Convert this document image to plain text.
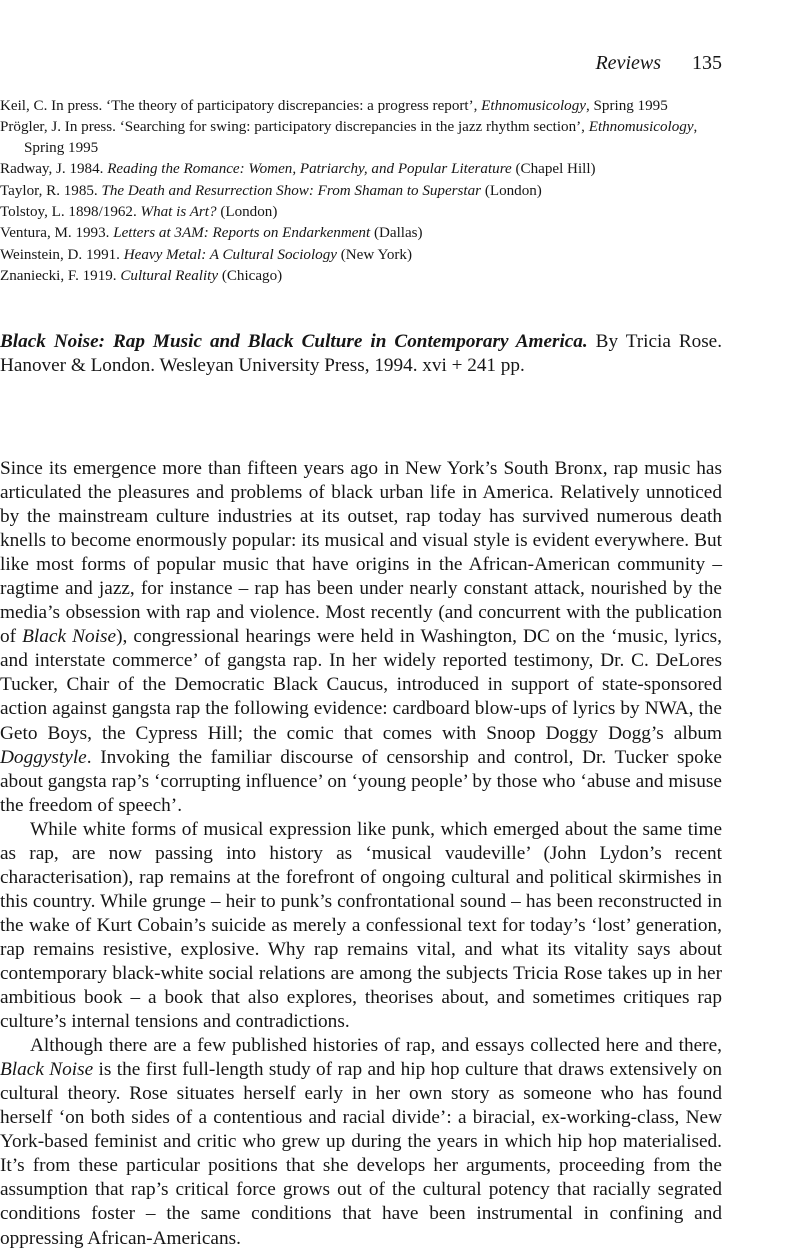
Reviews 135
Keil, C. In press. ‘The theory of participatory discrepancies: a progress report’, Ethnomusicology, Spring 1995
Prögler, J. In press. ‘Searching for swing: participatory discrepancies in the jazz rhythm section’, Ethnomusicology, Spring 1995
Radway, J. 1984. Reading the Romance: Women, Patriarchy, and Popular Literature (Chapel Hill)
Taylor, R. 1985. The Death and Resurrection Show: From Shaman to Superstar (London)
Tolstoy, L. 1898/1962. What is Art? (London)
Ventura, M. 1993. Letters at 3AM: Reports on Endarkenment (Dallas)
Weinstein, D. 1991. Heavy Metal: A Cultural Sociology (New York)
Znaniecki, F. 1919. Cultural Reality (Chicago)
Black Noise: Rap Music and Black Culture in Contemporary America. By Tricia Rose. Hanover & London. Wesleyan University Press, 1994. xvi + 241 pp.

Since its emergence more than fifteen years ago in New York’s South Bronx, rap music has articulated the pleasures and problems of black urban life in America. Relatively unnoticed by the mainstream culture industries at its outset, rap today has survived numerous death knells to become enormously popular: its musical and visual style is evident everywhere. But like most forms of popular music that have origins in the African-American community – ragtime and jazz, for instance – rap has been under nearly constant attack, nourished by the media’s obsession with rap and violence. Most recently (and concurrent with the publication of Black Noise), congressional hearings were held in Washington, DC on the ‘music, lyrics, and interstate commerce’ of gangsta rap. In her widely reported testimony, Dr. C. DeLores Tucker, Chair of the Democratic Black Caucus, introduced in support of state-sponsored action against gangsta rap the following evidence: cardboard blow-ups of lyrics by NWA, the Geto Boys, the Cypress Hill; the comic that comes with Snoop Doggy Dogg’s album Doggystyle. Invoking the familiar discourse of censorship and control, Dr. Tucker spoke about gangsta rap’s ‘corrupting influence’ on ‘young people’ by those who ‘abuse and misuse the freedom of speech’.

While white forms of musical expression like punk, which emerged about the same time as rap, are now passing into history as ‘musical vaudeville’ (John Lydon’s recent characterisation), rap remains at the forefront of ongoing cultural and political skirmishes in this country. While grunge – heir to punk’s confrontational sound – has been reconstructed in the wake of Kurt Cobain’s suicide as merely a confessional text for today’s ‘lost’ generation, rap remains resistive, explosive. Why rap remains vital, and what its vitality says about contemporary black-white social relations are among the subjects Tricia Rose takes up in her ambitious book – a book that also explores, theorises about, and sometimes critiques rap culture’s internal tensions and contradictions.

Although there are a few published histories of rap, and essays collected here and there, Black Noise is the first full-length study of rap and hip hop culture that draws extensively on cultural theory. Rose situates herself early in her own story as someone who has found herself ‘on both sides of a contentious and racial divide’: a biracial, ex-working-class, New York-based feminist and critic who grew up during the years in which hip hop materialised. It’s from these particular positions that she develops her arguments, proceeding from the assumption that rap’s critical force grows out of the cultural potency that racially segrated conditions foster – the same conditions that have been instrumental in confining and oppressing African-Americans.
